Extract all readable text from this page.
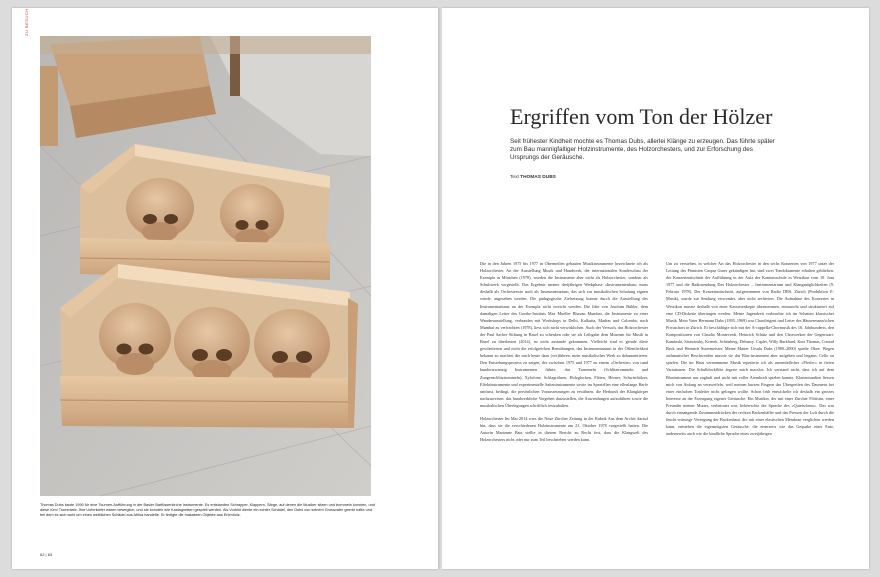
ZU BESUCH

Thomas Dubs baute 1990 für eine Tournee-Aufführung in der Basler Barfüsserkirche Instrumente. Es entstanden Schrapper, Klappern, Särge, auf denen die Musiker sitzen und trommeln konnten, und diese rüm! Trommlate. Ihre Unterkiefer waren beweglich, und sie konnten wie Kastagnetten gespielt werden. Als Vorbild diente ein echter Schädel, den Dubs von seinem Grossvater geerbt hatte und bei dem es sich wohl um einen weiblichen Schädel aus Afrika handelte. Er fertigte die makabren Objekte aus Erlenholz.

62 | 63
Ergriffen vom Ton der Hölzer

Seit frühester Kindheit mochte es Thomas Dubs, allerlei Klänge zu erzeugen. Das führte später zum Bau mannigfaltiger Holzinstrumente, des Holzorchesters, und zur Erforschung des Ursprungs der Geräusche.

Text THOMAS DUBS

Die in den Jahren 1975 bis 1977 in Obermeilen gebauten Musikinstrumente bezeichnete ich als Holzorchester. An der Ausstellung Musik und Handwerk, der internationalen Sonderschau der Exempla in München (1978), wurden die Instrumente aber nicht als Holzorchester, sondern als Schubwerk vorgestellt. Das Ergebnis meiner dreijährigen Werkphase «Instrumentenbau» muss deshalb als Orchesterwie auch als Instrumentarium, das sich zur musikalischen Schulung eignen würde, angesehen werden. Die pädagogische Zielsetzung konnte durch die Ausstellung des Instrumentariums an der Exempla nicht erreicht werden. Die Idee von Joachim Bühler, dem damaligen Leiter des Goethe-Instituts Max Mueller Bhavan Mumbai, die Instrumente zu einer Wanderausstellung, verbunden mit Workshops in Delhi, Kalkutta, Madras und Colombo, nach Mumbai zu verfrachten (1978), liess sich nicht verwirklichen. Auch der Versuch, das Holzorchester der Paul Sacher Stiftung in Basel zu schenken oder sie als Leihgabe dem Museum für Musik in Basel zu überlassen (2014), ist nicht zustande gekommen. Vielleicht sind es gerade diese gescheiterten und nicht die erfolgreichen Bemühungen, das Instrumentarium in der Öffentlichkeit bekannt zu machen, die mich heute dazu (ver)führen, mein musikalisches Werk zu dokumentieren. Den Entstehungsprozess zu zeigen, der zwischen 1975 und 1977 zu einem «Orchester» von rund hundertzwanzig Instrumenten führte, das Trommeln (Schlitztrommeln und Zungenschlitztrommeln), Xylofone, Schlagröhren, Holzglocken, Flöten, Hörner, Schwirrhölzer, Effektinstrumente und experimentelle Saiteninstrumente sowie im Speziellen eine ellenlange Harfe umfasst, bedingt, die persönlichen Voraussetzungen zu erwähnen, die Herkunft der Klangkörper nachzuweisen, das handwerkliche Vorgehen darzustellen, die Anwendungen aufzuführen sowie die musikalischen Überlegungen schriftlich festzuhalten.

Holzorchester Im Mai 2014 wies die Neue Zürcher Zeitung in der Rubrik Aus dem Archiv darauf hin, dass sie die verschiedenen Holzinstrumente am 21. Oktober 1978 vorgestellt hatten. Die Autorin Marianne Batz stellte in diesem Bericht zu Recht fest, dass die Klangwelt des Holzorchesters nicht oder nur zum Teil beschrieben werden kann.

Um zu verstehen, in welcher Art das Holzorchester in den sechs Konzerten von 1977 unter der Leitung des Pianisten Caspar Gurer gekündigen hat, sind zwei Tondokumente erhalten geblieben: der Konzertmitschnitt der Aufführung in der Aula der Kantonsschule in Wetzikon vom 10. Juni 1977 und die Radiosendung Das Holzorchester – Instrumentarium und Klangmöglichkeiten (9. Februar 1978). Der Konzertmitschnitt, aufgenommen von Radio DRS, Zürich (Produktion E-Musik), wurde zur Sendung verwendet, aber nicht archiviert. Die Aufnahme des Konzertes in Wetzikon musste deshalb von einer Kassettenkopie übernommen, entrauscht und strukturiert auf eine CD-Diskette übertragen werden. Meine Jugendzeit verbrachte ich im Schatten klassischer Musik. Mein Vater Hermann Dubs (1895–1969) war Chordirigent und Leiter des Häusermann'schen Privatchors in Zürich. Er beschäftigte sich mit der A-cappella-Chormusik des 16. Jahrhunderts, den Kompositionen von Claudio Monteverdi, Heinrich Schütz und den Chorwerken der Gegenwart: Kaminski, Strawinsky, Krenek, Schönberg, Debussy, Caplet, Willy Burkhard, Kurt Thomas, Conrad Beck und Heinrich Sutermeister. Meine Mutter Ursula Dubs (1900–2000) spielte Oboe. Wegen asthmatischer Beschwerden musste sie das Blas-instrument aber aufgeben und begann, Cello zu spielen. Die im Haus vernommene Musik repetierte ich als unermüdlicher «Pfeifer» in freien Variationen. Die Schulblockflöte ärgerte mich masslos. Ich verstand nicht, dass ich auf dem Blasinstrument nur zaghaft und nicht mit voller Atemkraft spielen konnte. Klarientundien liessen mich von Anfang an verzweifeln, weil meinen kurzen Fingern das Übergreifen des Daumens bei einer einfachen Tonleiter nicht gelingen wollte. Schon früh entwickelte ich deshalb ein grosses Interesse an der Erzeugung eigener Geräusche. Ein Musiker, der mit einer Zürcher Flötistin, einer Freundin meiner Mutter, verheiratet war, beherrschte die Sprache des «Quietschens». Das war durch einsangende Zusammendrücken der rechten Backenhälfte und das Pressen der Luft durch die feucht-wässrige Verengung der Backenhaut, die mit einer elastischen Membran verglichen werden kann, entstehen die eigenartigsten Geräusche, die einerseits wie das Gequake einer Ente, andererseits auch wie die kindliche Sprache eines zweijährigen
